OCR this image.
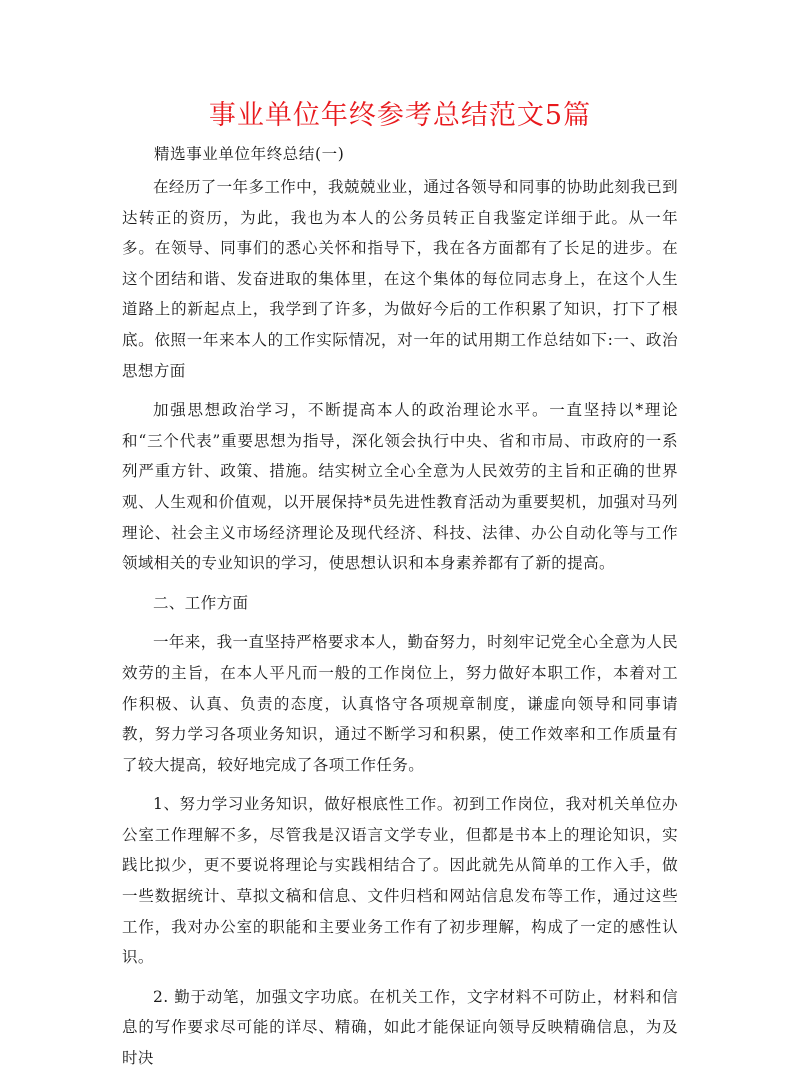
事业单位年终参考总结范文5篇
精选事业单位年终总结(一)

在经历了一年多工作中，我兢兢业业，通过各领导和同事的协助此刻我已到达转正的资历，为此，我也为本人的公务员转正自我鉴定详细于此。从一年多。在领导、同事们的悉心关怀和指导下，我在各方面都有了长足的进步。在这个团结和谐、发奋进取的集体里，在这个集体的每位同志身上，在这个人生道路上的新起点上，我学到了许多，为做好今后的工作积累了知识，打下了根底。依照一年来本人的工作实际情况，对一年的试用期工作总结如下:一、政治思想方面

加强思想政治学习，不断提高本人的政治理论水平。一直坚持以*理论和“三个代表”重要思想为指导，深化领会执行中央、省和市局、市政府的一系列严重方针、政策、措施。结实树立全心全意为人民效劳的主旨和正确的世界观、人生观和价值观，以开展保持*员先进性教育活动为重要契机，加强对马列理论、社会主义市场经济理论及现代经济、科技、法律、办公自动化等与工作领域相关的专业知识的学习，使思想认识和本身素养都有了新的提高。

二、工作方面

一年来，我一直坚持严格要求本人，勤奋努力，时刻牢记党全心全意为人民效劳的主旨，在本人平凡而一般的工作岗位上，努力做好本职工作，本着对工作积极、认真、负责的态度，认真恪守各项规章制度，谦虚向领导和同事请教，努力学习各项业务知识，通过不断学习和积累，使工作效率和工作质量有了较大提高，较好地完成了各项工作任务。

1、努力学习业务知识，做好根底性工作。初到工作岗位，我对机关单位办公室工作理解不多，尽管我是汉语言文学专业，但都是书本上的理论知识，实践比拟少，更不要说将理论与实践相结合了。因此就先从简单的工作入手，做一些数据统计、草拟文稿和信息、文件归档和网站信息发布等工作，通过这些工作，我对办公室的职能和主要业务工作有了初步理解，构成了一定的感性认识。

2. 勤于动笔，加强文字功底。在机关工作，文字材料不可防止，材料和信息的写作要求尽可能的详尽、精确，如此才能保证向领导反映精确信息，为及时决
